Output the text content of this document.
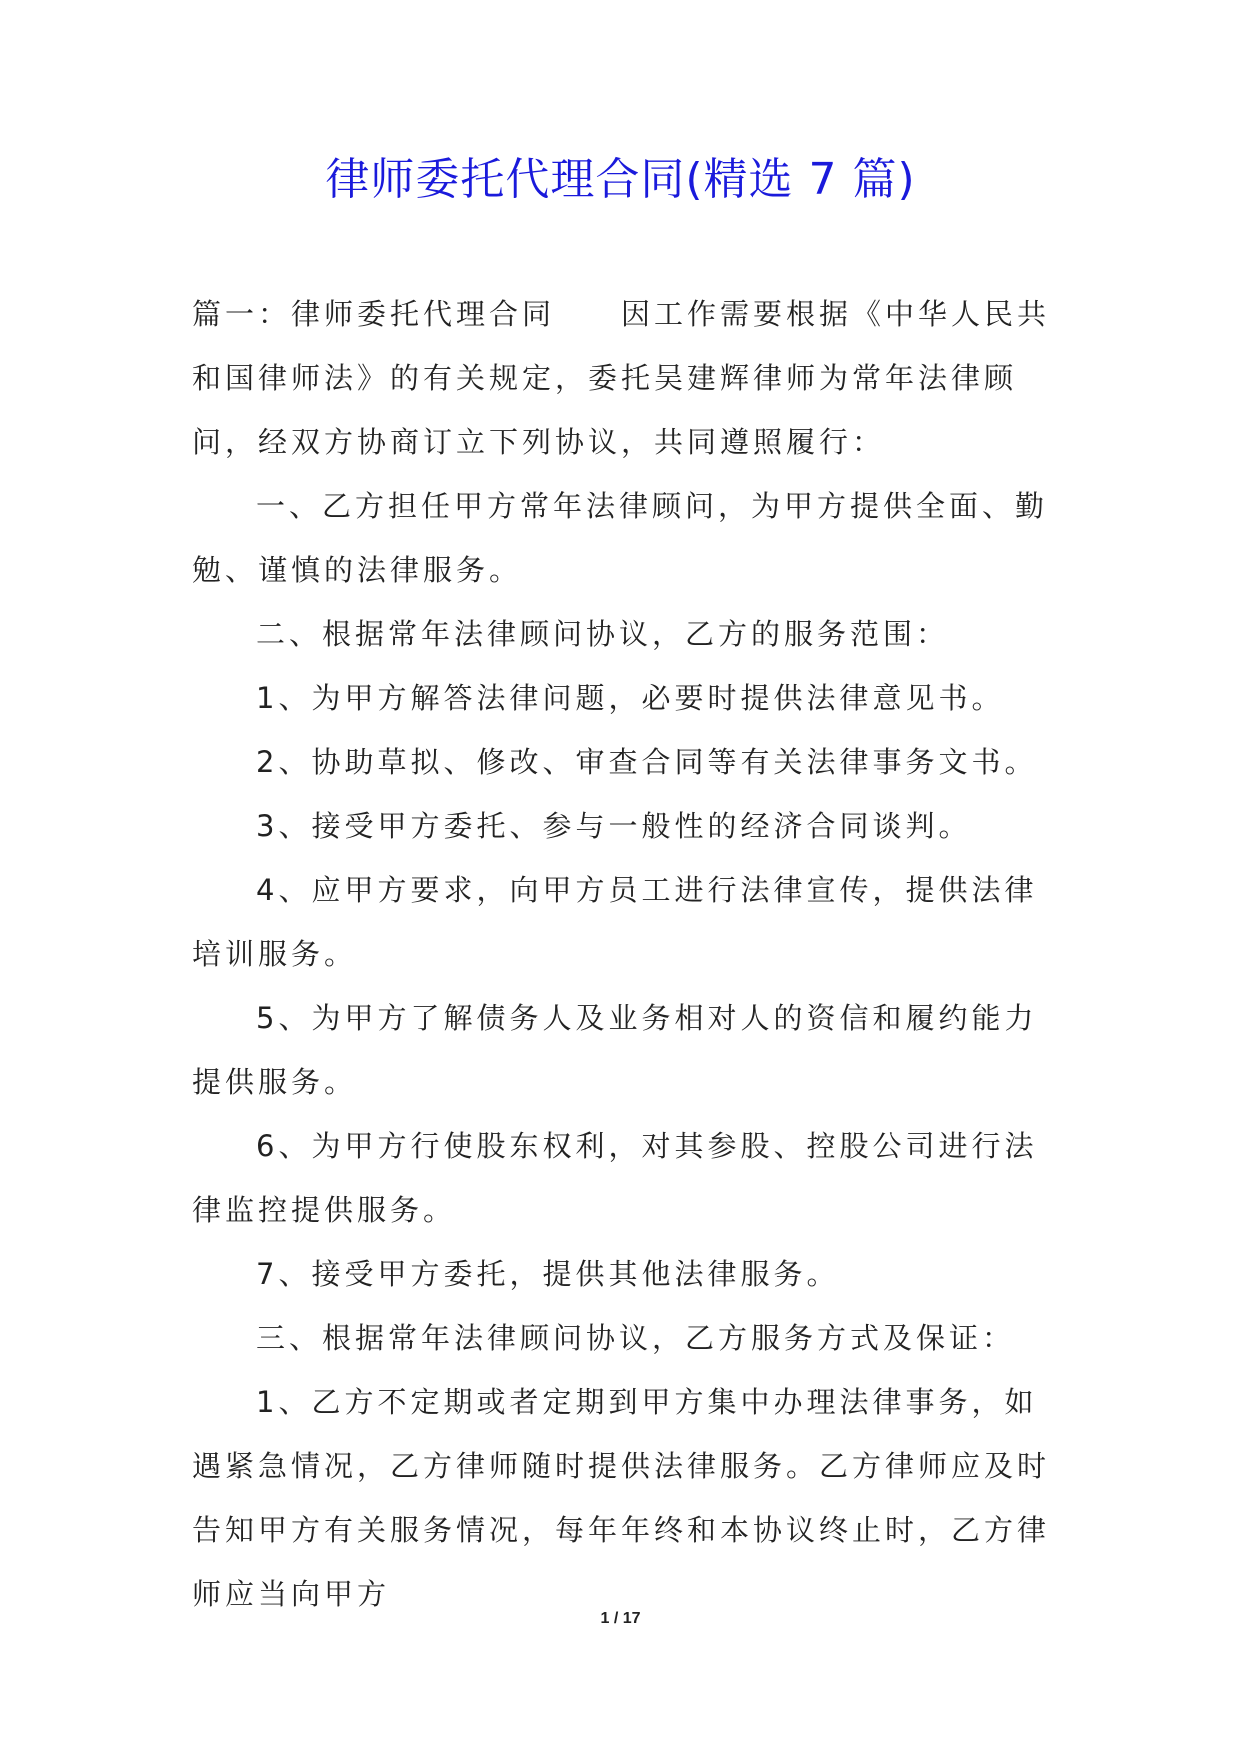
律师委托代理合同(精选 7 篇)

篇一：律师委托代理合同　　因工作需要根据《中华人民共和国律师法》的有关规定，委托吴建辉律师为常年法律顾问，经双方协商订立下列协议，共同遵照履行：

一、乙方担任甲方常年法律顾问，为甲方提供全面、勤勉、谨慎的法律服务。

二、根据常年法律顾问协议，乙方的服务范围：

1、为甲方解答法律问题，必要时提供法律意见书。

2、协助草拟、修改、审查合同等有关法律事务文书。

3、接受甲方委托、参与一般性的经济合同谈判。

4、应甲方要求，向甲方员工进行法律宣传，提供法律培训服务。

5、为甲方了解债务人及业务相对人的资信和履约能力提供服务。

6、为甲方行使股东权利，对其参股、控股公司进行法律监控提供服务。

7、接受甲方委托，提供其他法律服务。

三、根据常年法律顾问协议，乙方服务方式及保证：

1、乙方不定期或者定期到甲方集中办理法律事务，如遇紧急情况，乙方律师随时提供法律服务。乙方律师应及时告知甲方有关服务情况，每年年终和本协议终止时，乙方律师应当向甲方

1 / 17
